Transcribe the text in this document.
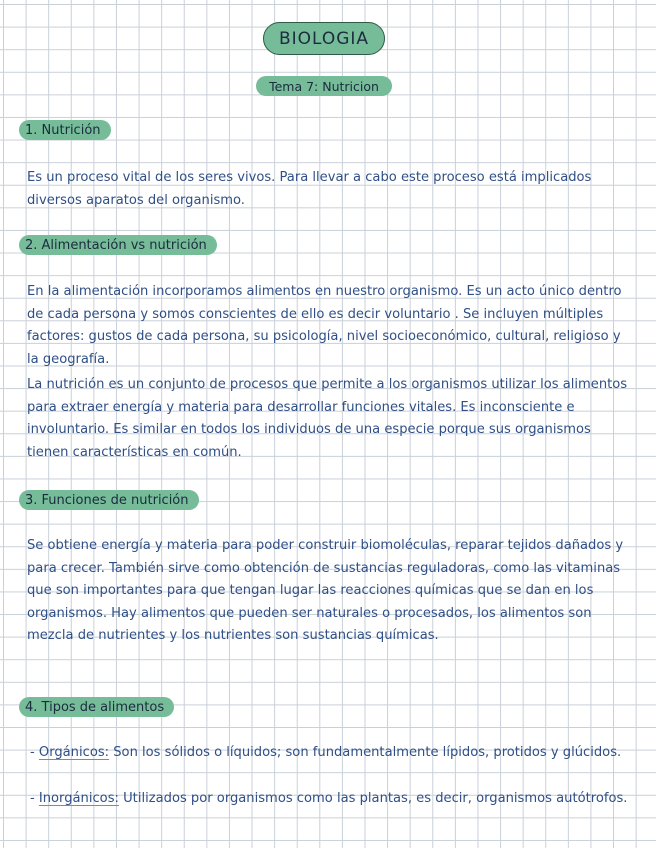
BIOLOGIA
Tema 7: Nutricion
1. Nutrición

Es un proceso vital de los seres vivos. Para llevar a cabo este proceso está implicados diversos aparatos del organismo.

2. Alimentación vs nutrición

En la alimentación incorporamos alimentos en nuestro organismo. Es un acto único dentro de cada persona y somos conscientes de ello es decir voluntario . Se incluyen múltiples factores: gustos de cada persona, su psicología, nivel socioeconómico, cultural, religioso y la geografía.

La nutrición es un conjunto de procesos que permite a los organismos utilizar los alimentos para extraer energía y materia para desarrollar funciones vitales. Es inconsciente e involuntario. Es similar en todos los individuos de una especie porque sus organismos tienen características en común.

3. Funciones de nutrición

Se obtiene energía y materia para poder construir biomoléculas, reparar tejidos dañados y para crecer. También sirve como obtención de sustancias reguladoras, como las vitaminas que son importantes para que tengan lugar las reacciones químicas que se dan en los organismos. Hay alimentos que pueden ser naturales o procesados, los alimentos son mezcla de nutrientes y los nutrientes son sustancias químicas.

4. Tipos de alimentos

- Orgánicos: Son los sólidos o líquidos; son fundamentalmente lípidos, protidos y glúcidos.

- Inorgánicos: Utilizados por organismos como las plantas, es decir, organismos autótrofos.
